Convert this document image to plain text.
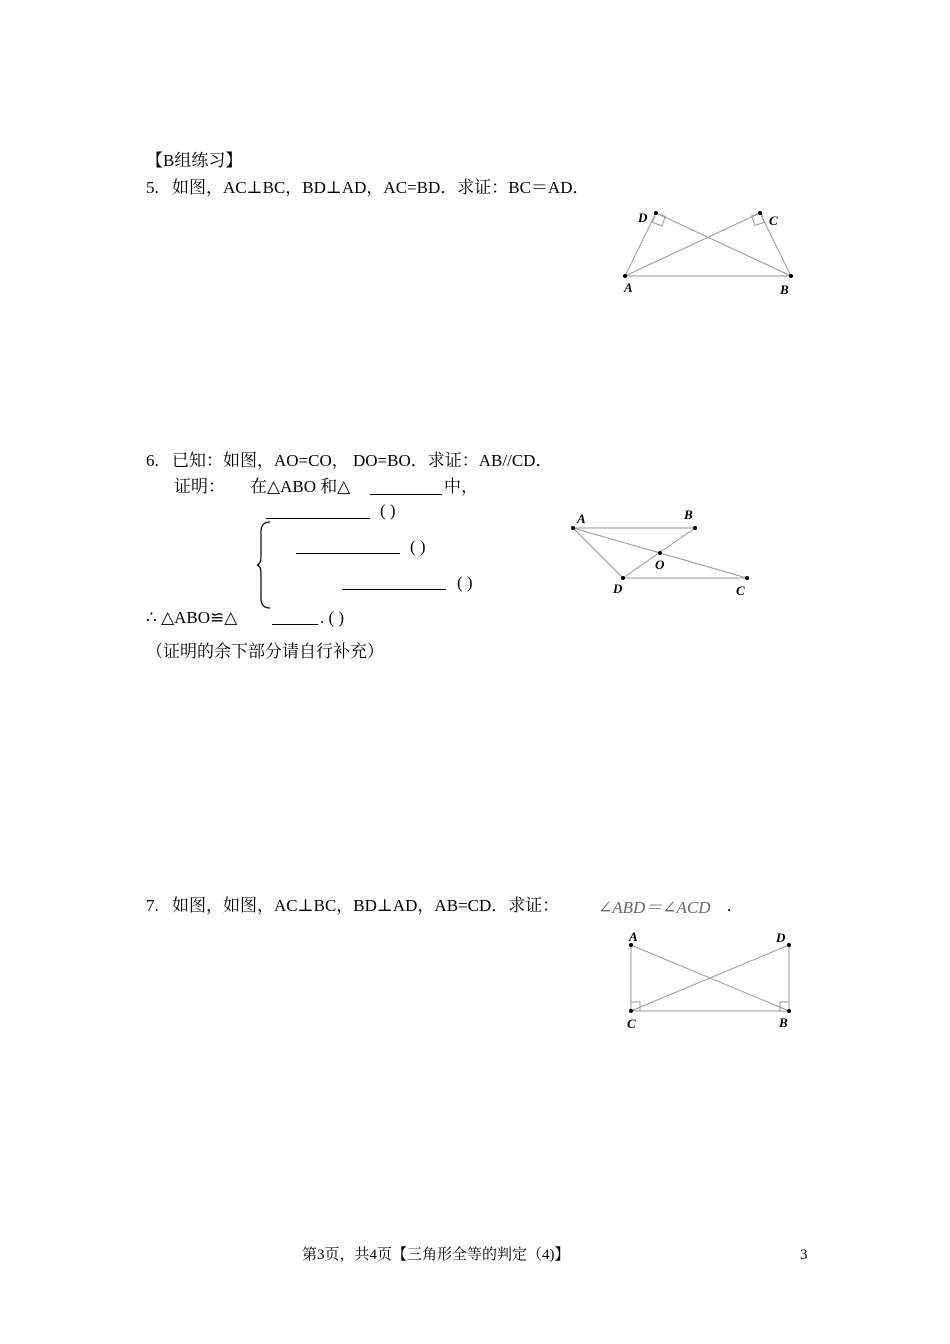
【B组练习】
5. 如图，AC⊥BC，BD⊥AD，AC=BD．求证：BC＝AD．
D	C
A	B
6. 已知：如图，AO=CO， DO=BO．求证：AB//CD．
证明： 在△ABO 和△	中，
( )
( )
( )
∴ △ABO≌△	. ( )
（证明的余下部分请自行补充）
A	B
O
D	C
7. 如图，如图，AC⊥BC，BD⊥AD，AB=CD．求证： ∠ABD＝∠ACD .
A	D
C	B
第3页，共4页【三角形全等的判定（4)】	3
